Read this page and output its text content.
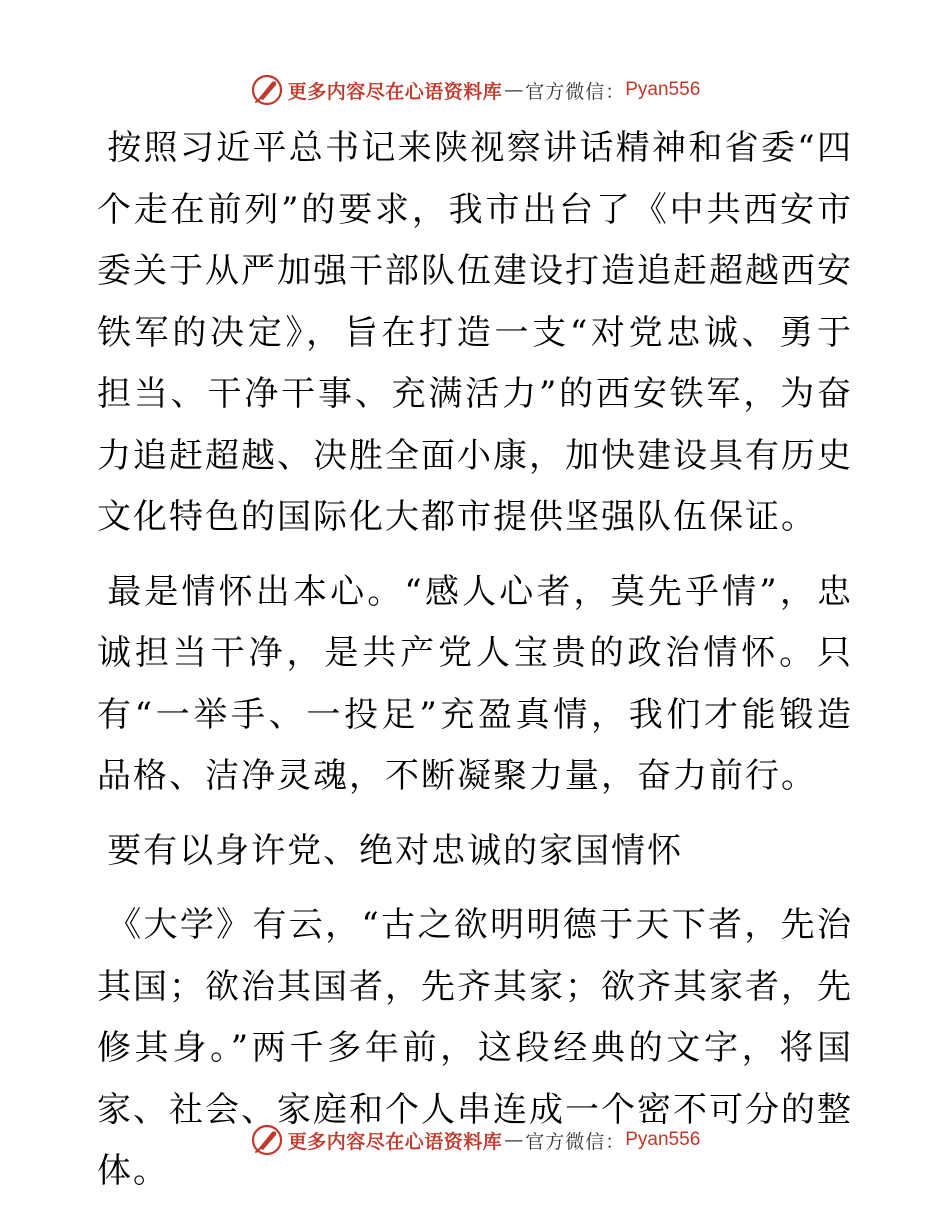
更多内容尽在心语资料库 — 官方微信： Pyan556

按照习近平总书记来陕视察讲话精神和省委“四个走在前列”的要求，我市出台了《中共西安市委关于从严加强干部队伍建设打造追赶超越西安铁军的决定》，旨在打造一支“对党忠诚、勇于担当、干净干事、充满活力”的西安铁军，为奋力追赶超越、决胜全面小康，加快建设具有历史文化特色的国际化大都市提供坚强队伍保证。

最是情怀出本心。“感人心者，莫先乎情”，忠诚担当干净，是共产党人宝贵的政治情怀。只有“一举手、一投足”充盈真情，我们才能锻造品格、洁净灵魂，不断凝聚力量，奋力前行。

要有以身许党、绝对忠诚的家国情怀

《大学》有云，“古之欲明明德于天下者，先治其国；欲治其国者，先齐其家；欲齐其家者，先修其身。”两千多年前，这段经典的文字，将国家、社会、家庭和个人串连成一个密不可分的整体。

更多内容尽在心语资料库 — 官方微信： Pyan556
